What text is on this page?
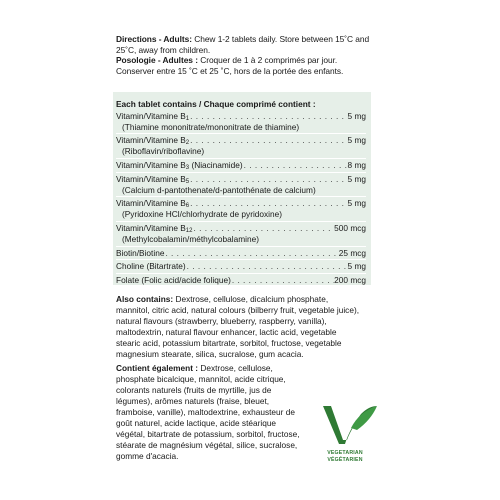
Directions - Adults: Chew 1-2 tablets daily. Store between 15˚C and 25˚C, away from children.

Posologie - Adultes : Croquer de 1 à 2 comprimés par jour. Conserver entre 15 ˚C et 25 ˚C, hors de la portée des enfants.

Each tablet contains / Chaque comprimé contient :

Vitamin/Vitamine $B_1$ . . .	5 mg
(Thiamine mononitrate/mononitrate de thiamine)
Vitamin/Vitamine $B_2$ . . .	5 mg
(Riboflavin/riboflavine)
Vitamin/Vitamine $B_3$ (Niacinamide) . . .	8 mg
Vitamin/Vitamine $B_5$ . . .	5 mg
(Calcium d-pantothenate/d-pantothénate de calcium)
Vitamin/Vitamine $B_6$ . . .	5 mg
(Pyridoxine HCl/chlorhydrate de pyridoxine)
Vitamin/Vitamine $B_{12}$ . . .	500 mcg
(Methylcobalamin/méthylcobalamine)
Biotin/Biotine . . .	25 mcg
Choline (Bitartrate) . . .	5 mg
Folate (Folic acid/acide folique) . . .	200 mcg

Also contains: Dextrose, cellulose, dicalcium phosphate, mannitol, citric acid, natural colours (bilberry fruit, vegetable juice), natural flavours (strawberry, blueberry, raspberry, vanilla), maltodextrin, natural flavour enhancer, lactic acid, vegetable stearic acid, potassium bitartrate, sorbitol, fructose, vegetable magnesium stearate, silica, sucralose, gum acacia.

Contient également : Dextrose, cellulose, phosphate bicalcique, mannitol, acide citrique, colorants naturels (fruits de myrtille, jus de légumes), arômes naturels (fraise, bleuet, framboise, vanille), maltodextrine, exhausteur de goût naturel, acide lactique, acide stéarique végétal, bitartrate de potassium, sorbitol, fructose, stéarate de magnésium végétal, silice, sucralose, gomme d'acacia.	VEGETARIAN
VÉGÉTARIEN
